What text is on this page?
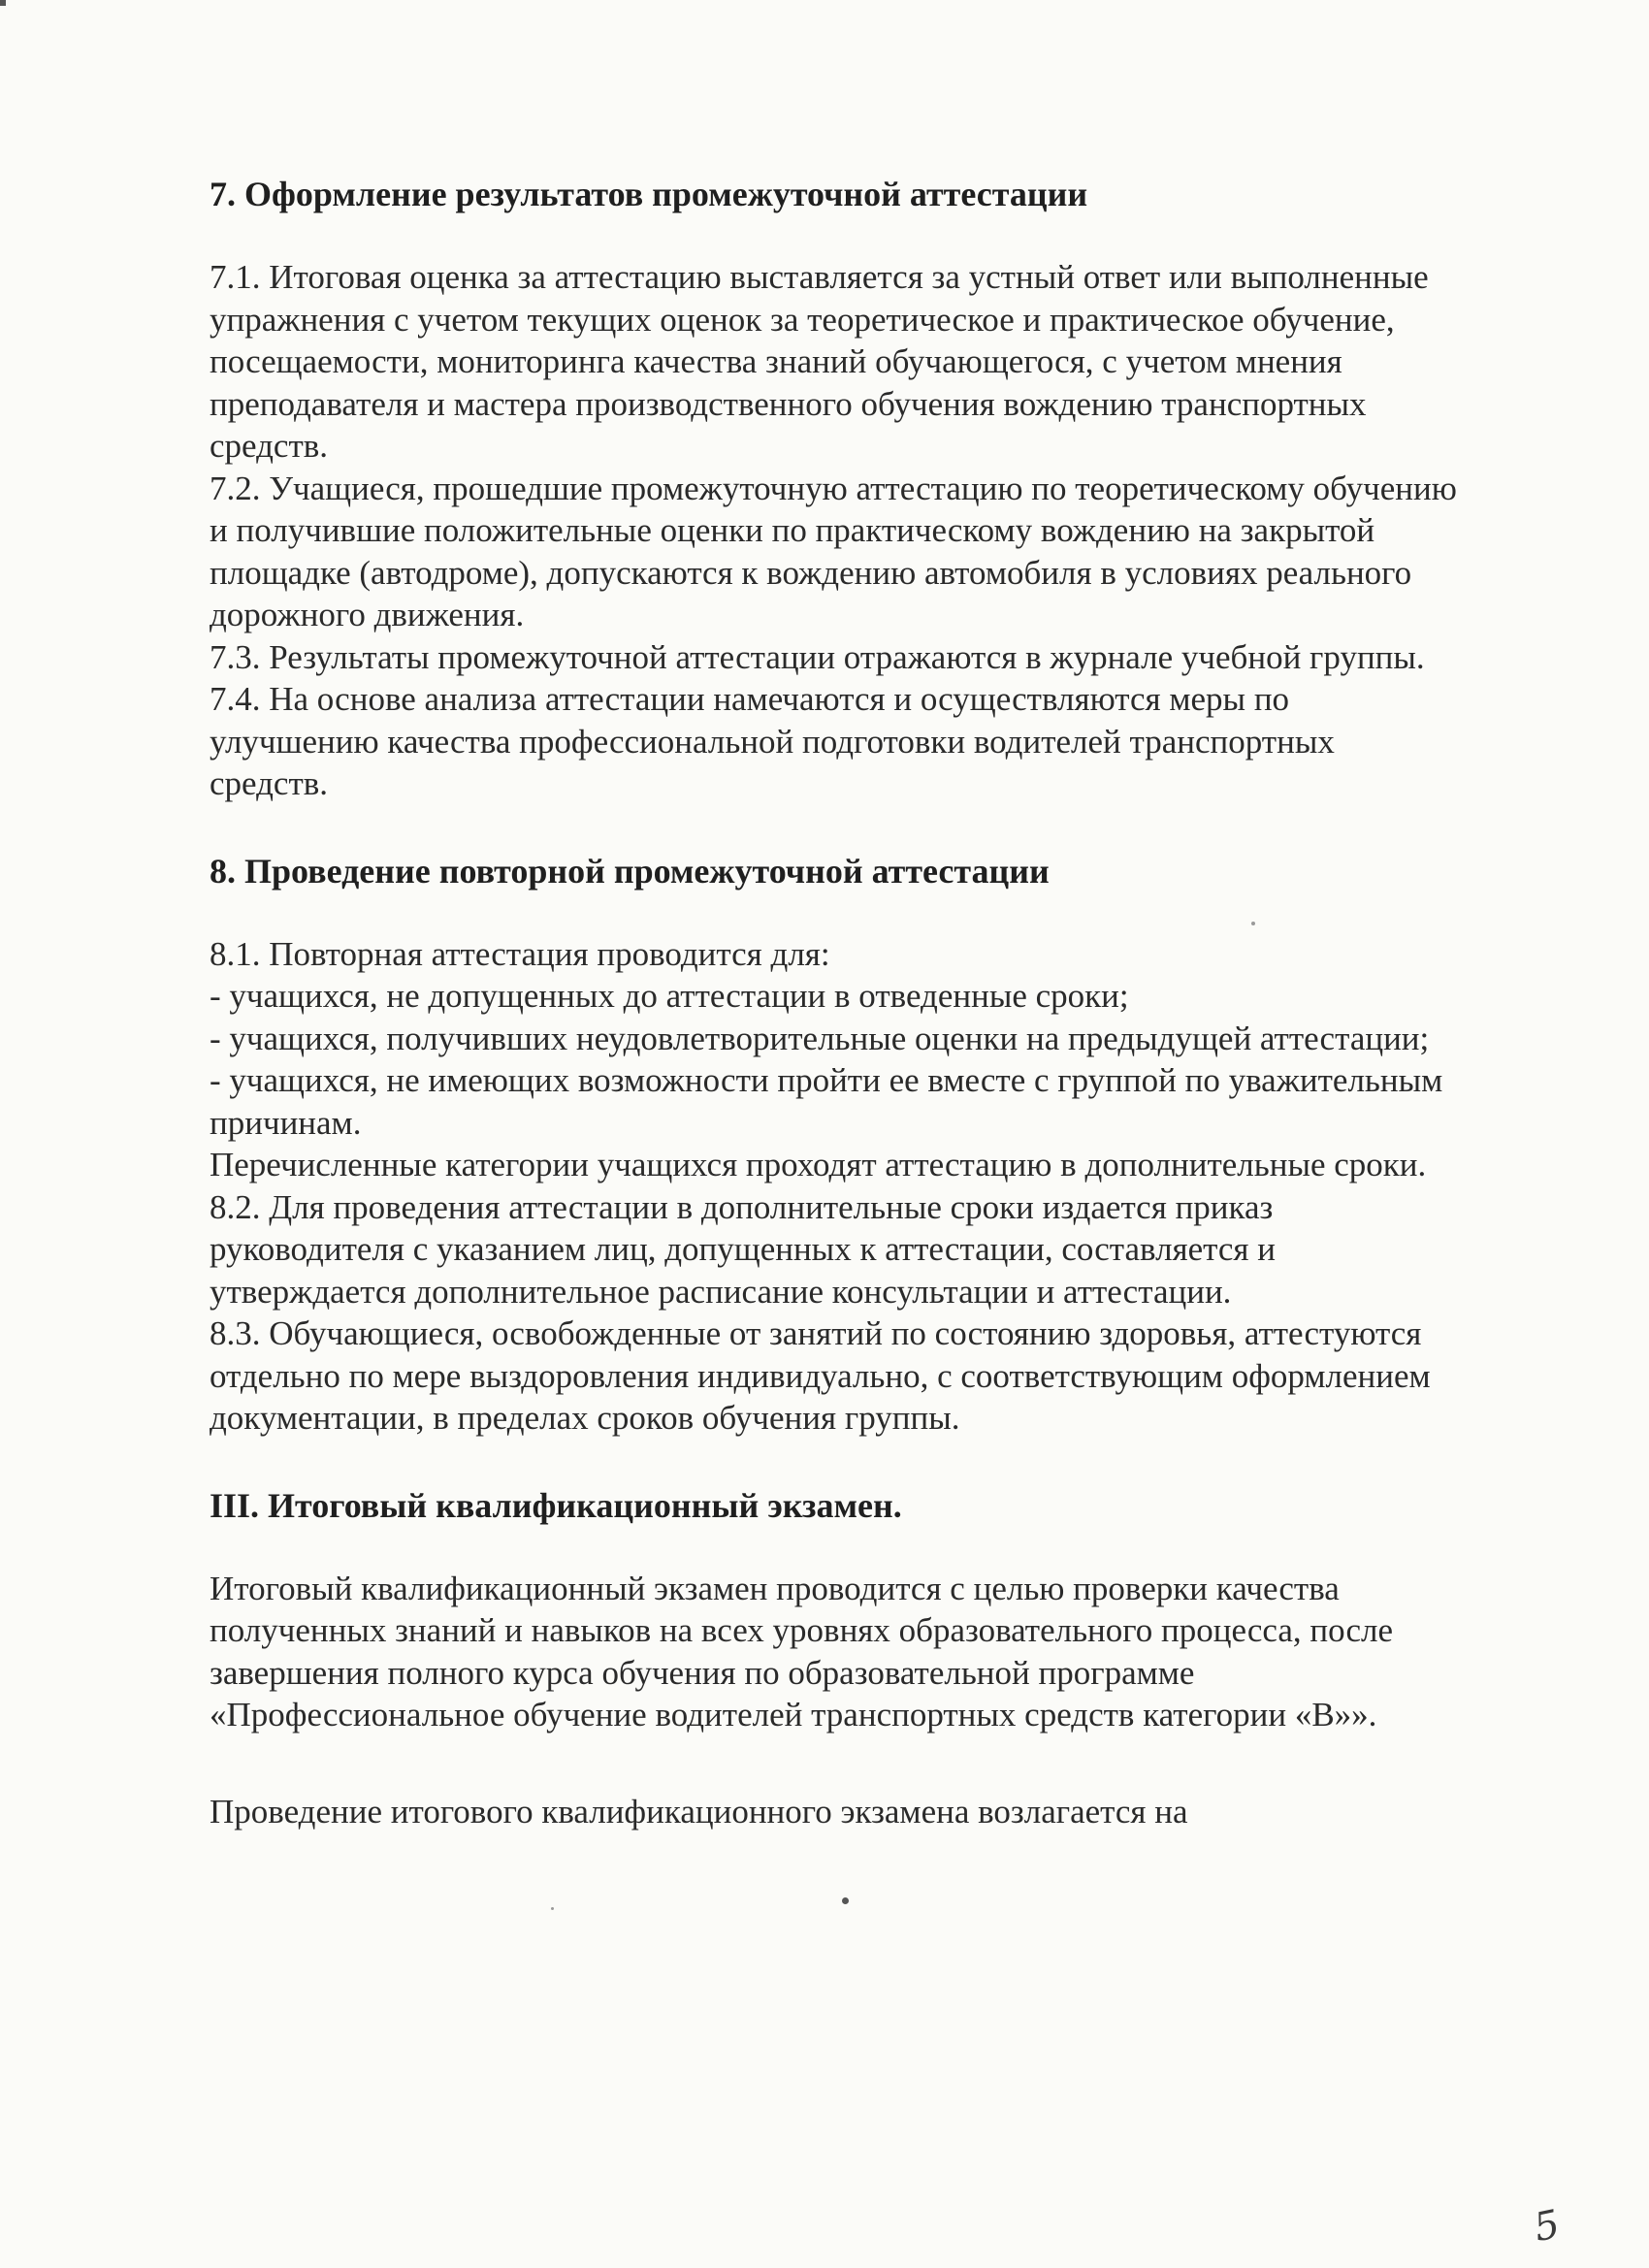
7. Оформление результатов промежуточной аттестации

7.1. Итоговая оценка за аттестацию выставляется за устный ответ или выполненные упражнения с учетом текущих оценок за теоретическое и практическое обучение, посещаемости, мониторинга качества знаний обучающегося, с учетом мнения преподавателя и мастера производственного обучения вождению транспортных средств.

7.2. Учащиеся, прошедшие промежуточную аттестацию по теоретическому обучению и получившие положительные оценки по практическому вождению на закрытой площадке (автодроме), допускаются к вождению автомобиля в условиях реального дорожного движения.

7.3. Результаты промежуточной аттестации отражаются в журнале учебной группы.

7.4. На основе анализа аттестации намечаются и осуществляются меры по улучшению качества профессиональной подготовки водителей транспортных средств.

8. Проведение повторной промежуточной аттестации

8.1. Повторная аттестация проводится для:

- учащихся, не допущенных до аттестации в отведенные сроки;

- учащихся, получивших неудовлетворительные оценки на предыдущей аттестации;

- учащихся, не имеющих возможности пройти ее вместе с группой по уважительным причинам.

Перечисленные категории учащихся проходят аттестацию в дополнительные сроки.

8.2. Для проведения аттестации в дополнительные сроки издается приказ руководителя с указанием лиц, допущенных к аттестации, составляется и утверждается дополнительное расписание консультации и аттестации.

8.3. Обучающиеся, освобожденные от занятий по состоянию здоровья, аттестуются отдельно по мере выздоровления индивидуально, с соответствующим оформлением документации, в пределах сроков обучения группы.

III. Итоговый квалификационный экзамен.

Итоговый квалификационный экзамен проводится с целью проверки качества полученных знаний и навыков на всех уровнях образовательного процесса, после завершения полного курса обучения по образовательной программе «Профессиональное обучение водителей транспортных средств категории «В»».

Проведение итогового квалификационного экзамена возлагается на

5
